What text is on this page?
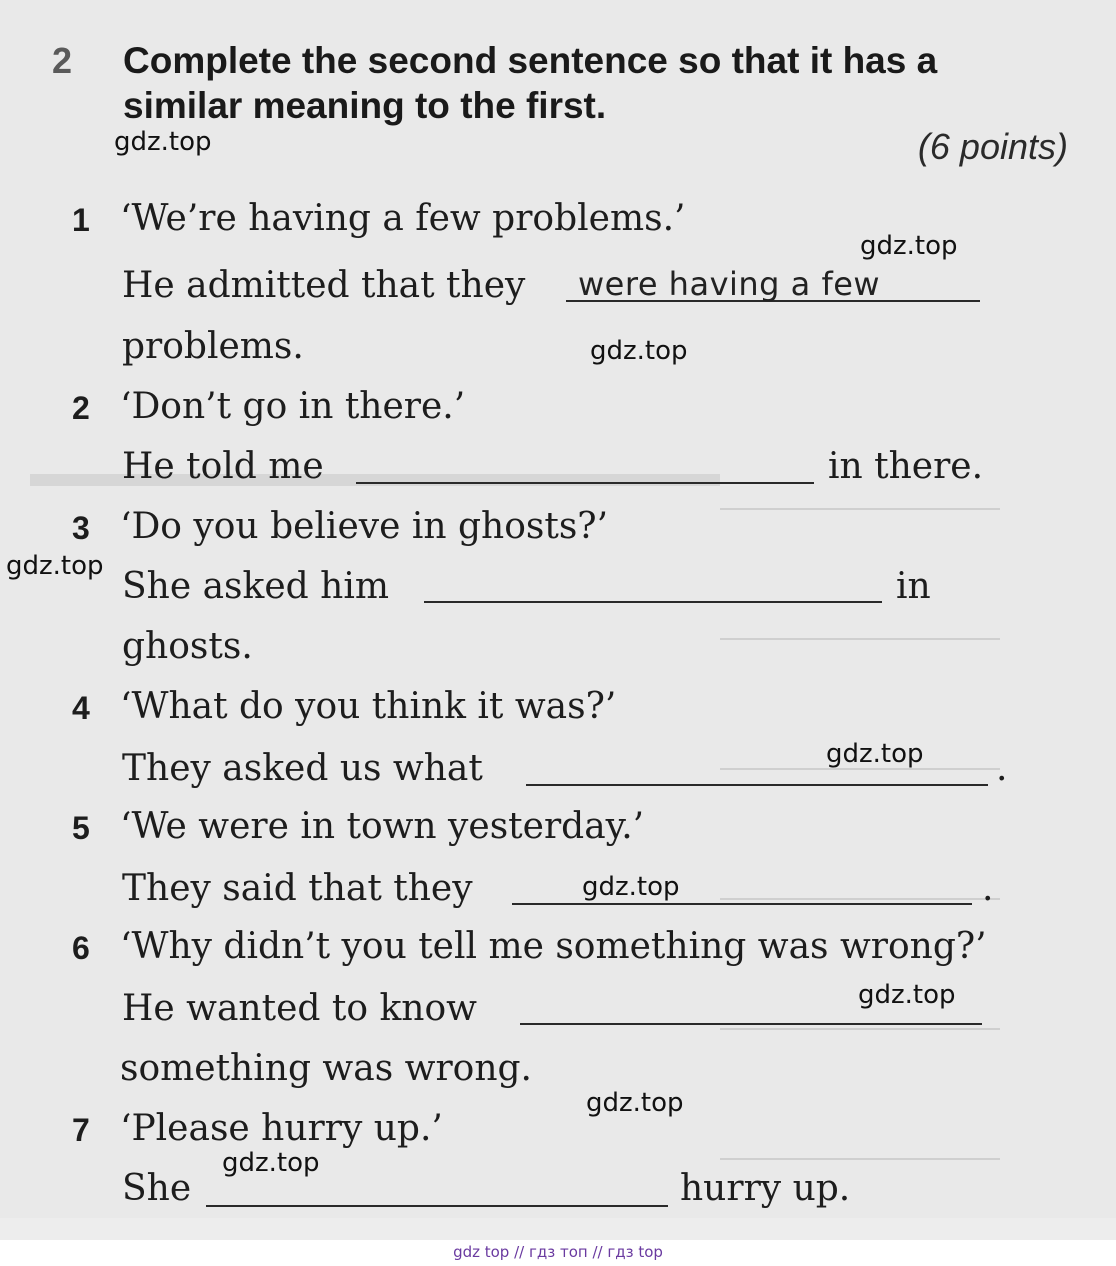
2 Complete the second sentence so that it has a similar meaning to the first.
(6 points)
gdz.top
gdz.top
gdz.top
gdz.top
gdz.top
gdz.top
gdz.top
gdz.top
gdz.top
1 ‘We’re having a few problems.’
He admitted that they were having a few
problems.
2 ‘Don’t go in there.’
He told me	in there.
3 ‘Do you believe in ghosts?’
She asked him	in
ghosts.
4 ‘What do you think it was?’
They asked us what	.
5 ‘We were in town yesterday.’
They said that they	.
6 ‘Why didn’t you tell me something was wrong?’
He wanted to know
something was wrong.
7 ‘Please hurry up.’
She	hurry up.
gdz top // гдз топ // гдз top
